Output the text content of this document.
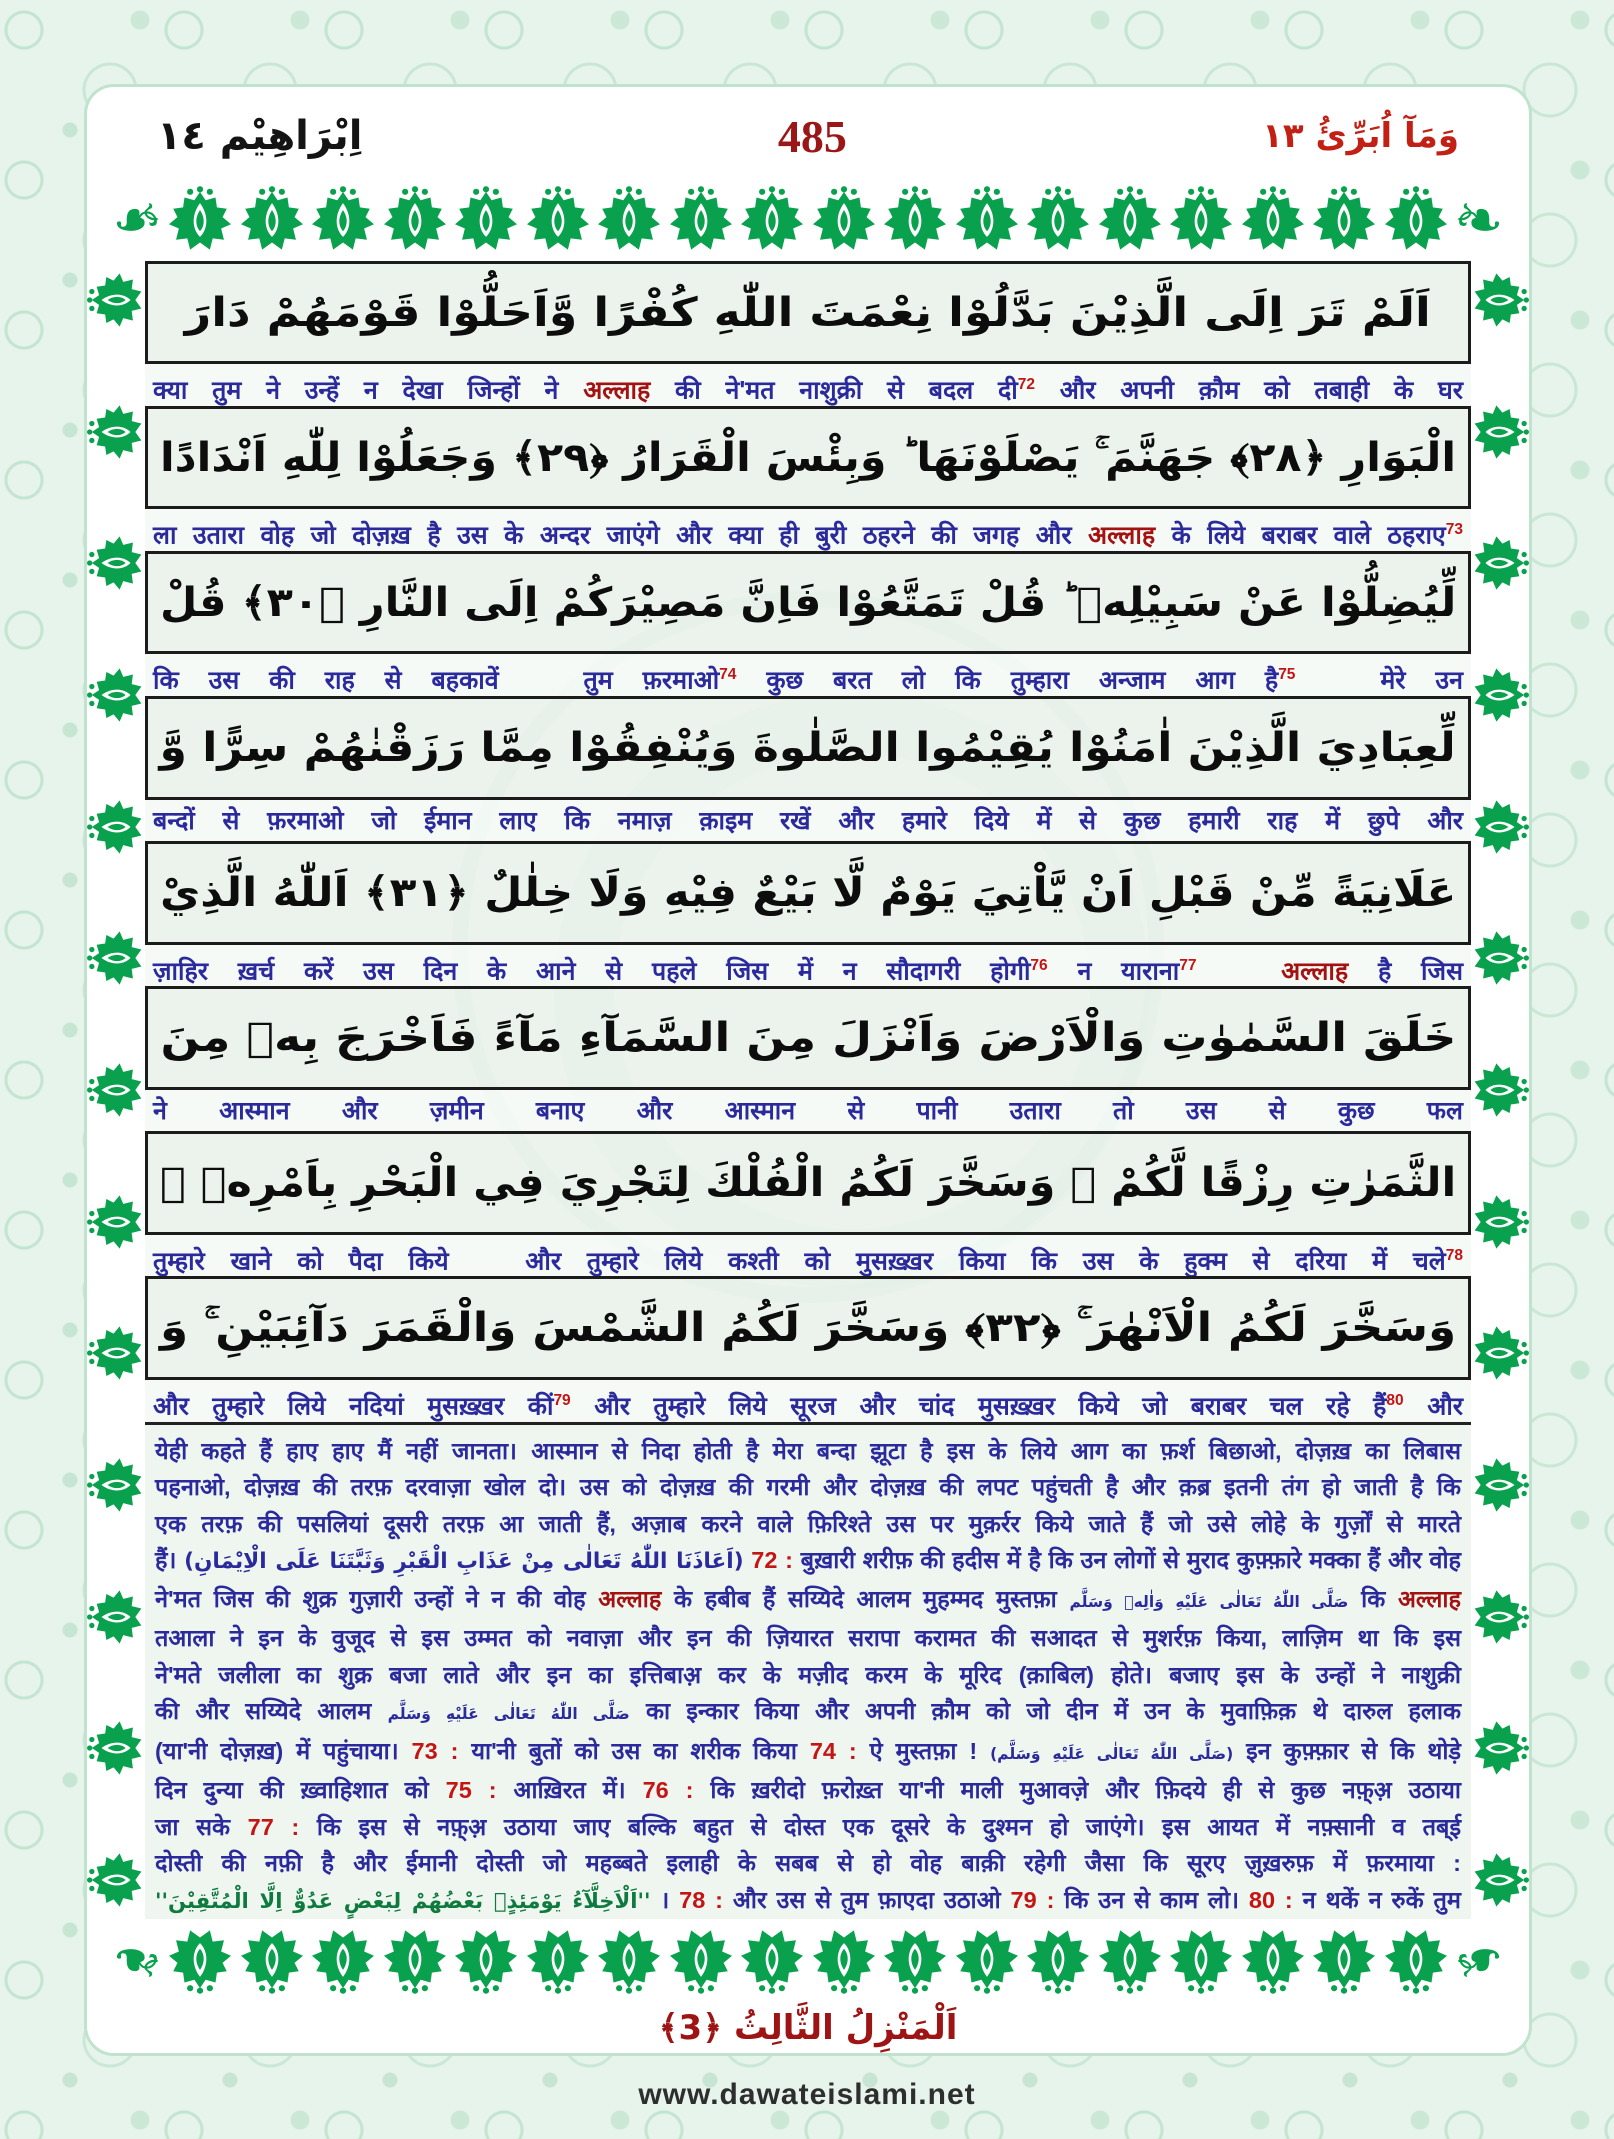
اِبْرَاهِيْم ١٤	485	وَمَآ اُبَرِّئُ ١٣
❧	❧
اَلَمْ تَرَ اِلَى الَّذِيْنَ بَدَّلُوْا نِعْمَتَ اللّٰهِ كُفْرًا وَّاَحَلُّوْا قَوْمَهُمْ دَارَ
क्या तुम ने उन्हें न देखा जिन्हों ने अल्लाह की ने'मत नाशुक्री से बदल दी$^{72}$ और अपनी क़ौम को तबाही के घर
الْبَوَارِ ﴿٢٨﴾ جَهَنَّمَ ۚ يَصْلَوْنَهَا ؕ وَبِئْسَ الْقَرَارُ ﴿٢٩﴾ وَجَعَلُوْا لِلّٰهِ اَنْدَادًا
ला उतारा वोह जो दोज़ख़ है उस के अन्दर जाएंगे और क्या ही बुरी ठहरने की जगह और अल्लाह के लिये बराबर वाले ठहराए$^{73}$
لِّيُضِلُّوْا عَنْ سَبِيْلِهٖ ؕ قُلْ تَمَتَّعُوْا فَاِنَّ مَصِيْرَكُمْ اِلَى النَّارِ ﴿٣٠﴾ قُلْ
कि उस की राह से बहकावें   तुम फ़रमाओ$^{74}$ कुछ बरत लो कि तुम्हारा अन्जाम आग है$^{75}$   मेरे उन
لِّعِبَادِيَ الَّذِيْنَ اٰمَنُوْا يُقِيْمُوا الصَّلٰوةَ وَيُنْفِقُوْا مِمَّا رَزَقْنٰهُمْ سِرًّا وَّ
बन्दों से फ़रमाओ जो ईमान लाए कि नमाज़ क़ाइम रखें और हमारे दिये में से कुछ हमारी राह में छुपे और
عَلَانِيَةً مِّنْ قَبْلِ اَنْ يَّاْتِيَ يَوْمٌ لَّا بَيْعٌ فِيْهِ وَلَا خِلٰلٌ ﴿٣١﴾ اَللّٰهُ الَّذِيْ
ज़ाहिर ख़र्च करें उस दिन के आने से पहले जिस में न सौदागरी होगी$^{76}$ न याराना$^{77}$  	अल्लाह है जिस
خَلَقَ السَّمٰوٰتِ وَالْاَرْضَ وَاَنْزَلَ مِنَ السَّمَآءِ مَآءً فَاَخْرَجَ بِهٖ مِنَ
ने आस्मान और ज़मीन बनाए और आस्मान से पानी उतारा तो उस से कुछ फल
الثَّمَرٰتِ رِزْقًا لَّكُمْ ۚ وَسَخَّرَ لَكُمُ الْفُلْكَ لِتَجْرِيَ فِي الْبَحْرِ بِاَمْرِهٖ ۚ
तुम्हारे खाने को पैदा किये   और तुम्हारे लिये कश्ती को मुसख़्ख़र किया कि उस के हुक्म से दरिया में चले$^{78}$
وَسَخَّرَ لَكُمُ الْاَنْهٰرَ ۚ ﴿٣٢﴾ وَسَخَّرَ لَكُمُ الشَّمْسَ وَالْقَمَرَ دَآئِبَيْنِ ۚ وَ
और तुम्हारे लिये नदियां मुसख़्ख़र कीं$^{79}$ और तुम्हारे लिये सूरज और चांद मुसख़्ख़र किये जो बराबर चल रहे हैं$^{80}$ और
येही कहते हैं हाए हाए मैं नहीं जानता। आस्मान से निदा होती है मेरा बन्दा झूटा है इस के लिये आग का फ़र्श बिछाओ, दोज़ख़ का लिबास
पहनाओ, दोज़ख़ की तरफ़ दरवाज़ा खोल दो। उस को दोज़ख़ की गरमी और दोज़ख़ की लपट पहुंचती है और क़ब्र इतनी तंग हो जाती है कि
एक तरफ़ की पसलियां दूसरी तरफ़ आ जाती हैं, अज़ाब करने वाले फ़िरिश्ते उस पर मुक़र्रर किये जाते हैं जो उसे लोहे के गुर्ज़ों से मारते
हैं। (اَعَاذَنَا اللّٰهُ تَعَالٰى مِنْ عَذَابِ الْقَبْرِ وَثَبَّتَنَا عَلَى الْاِيْمَانِ) 72 : बुख़ारी शरीफ़ की हदीस में है कि उन लोगों से मुराद कुफ़्फ़ारे मक्का हैं और वोह
ने'मत जिस की शुक्र गुज़ारी उन्हों ने न की वोह अल्लाह के हबीब हैं सय्यिदे आलम मुहम्मद मुस्तफ़ा صَلَّى اللّٰهُ تَعَالٰى عَلَيْهِ وَاٰلِهٖ وَسَلَّم कि अल्लाह
तआला ने इन के वुजूद से इस उम्मत को नवाज़ा और इन की ज़ियारत सरापा करामत की सआदत से मुशर्रफ़ किया, लाज़िम था कि इस
ने'मते जलीला का शुक्र बजा लाते और इन का इत्तिबाअ़ कर के मज़ीद करम के मूरिद (क़ाबिल) होते। बजाए इस के उन्हों ने नाशुक्री
की और सय्यिदे आलम صَلَّى اللّٰهُ تَعَالٰى عَلَيْهِ وَسَلَّم का इन्कार किया और अपनी क़ौम को जो दीन में उन के मुवाफ़िक़ थे दारुल हलाक
(या'नी दोज़ख़) में पहुंचाया। 73 : या'नी बुतों को उस का शरीक किया 74 : ऐ मुस्तफ़ा ! (صَلَّى اللّٰهُ تَعَالٰى عَلَيْهِ وَسَلَّم) इन कुफ़्फ़ार से कि थोड़े
दिन दुन्या की ख़्वाहिशात को 75 : आख़िरत में। 76 : कि ख़रीदो फ़रोख़्त या'नी माली मुआवज़े और फ़िदये ही से कुछ नफ़्अ़ उठाया
जा सके 77 : कि इस से नफ़्अ़ उठाया जाए बल्कि बहुत से दोस्त एक दूसरे के दुश्मन हो जाएंगे। इस आयत में नफ़्सानी व तब्ई
दोस्ती की नफ़ी है और ईमानी दोस्ती जो महब्बते इलाही के सबब से हो वोह बाक़ी रहेगी जैसा कि सूरए ज़ुख़रुफ़ में फ़रमाया :
''اَلْاَخِلَّآءُ يَوْمَئِذٍۭ بَعْضُهُمْ لِبَعْضٍ عَدُوٌّ اِلَّا الْمُتَّقِيْنَ'' । 78 : और उस से तुम फ़ाएदा उठाओ 79 : कि उन से काम लो। 80 : न थकें न रुकें तुम
❧	❧
اَلْمَنْزِلُ الثَّالِثُ ﴿3﴾
www.dawateislami.net
